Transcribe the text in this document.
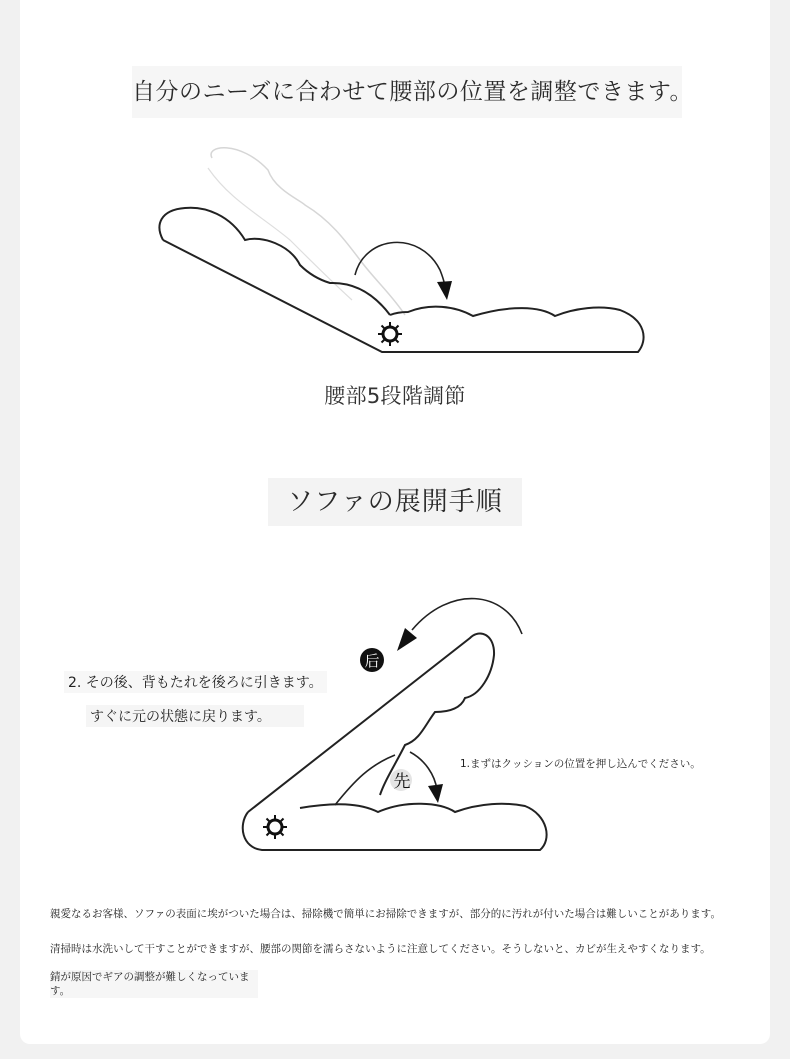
自分のニーズに合わせて腰部の位置を調整できます。
腰部5段階調節
ソファの展開手順
后
先
2. その後、背もたれを後ろに引きます。
すぐに元の状態に戻ります。
1.まずはクッションの位置を押し込んでください。
親愛なるお客様、ソファの表面に埃がついた場合は、掃除機で簡単にお掃除できますが、部分的に汚れが付いた場合は難しいことがあります。
清掃時は水洗いして干すことができますが、腰部の関節を濡らさないように注意してください。そうしないと、カビが生えやすくなります。
錆が原因でギアの調整が難しくなっています。
